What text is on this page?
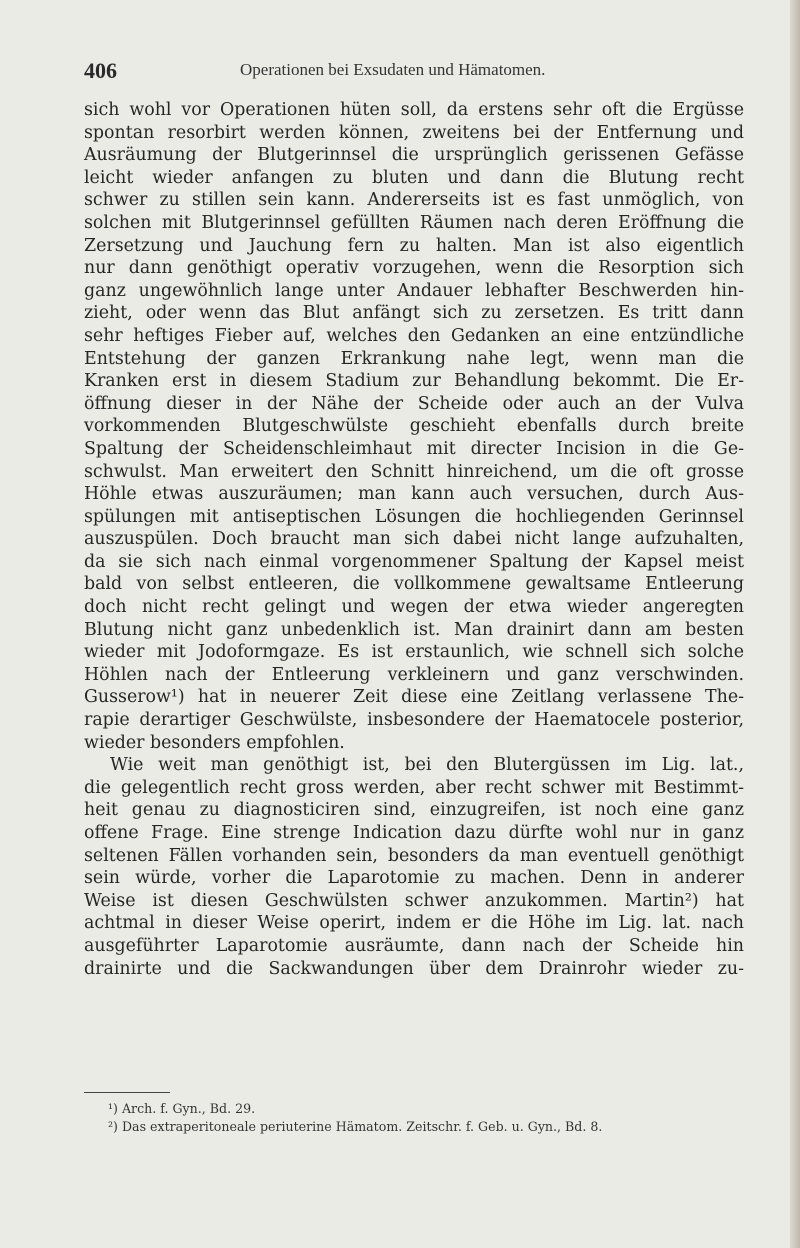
406	Operationen bei Exsudaten und Hämatomen.
sich wohl vor Operationen hüten soll, da erstens sehr oft die Ergüsse
spontan resorbirt werden können, zweitens bei der Entfernung und
Ausräumung der Blutgerinnsel die ursprünglich gerissenen Gefässe
leicht wieder anfangen zu bluten und dann die Blutung recht
schwer zu stillen sein kann. Andererseits ist es fast unmöglich, von
solchen mit Blutgerinnsel gefüllten Räumen nach deren Eröffnung die
Zersetzung und Jauchung fern zu halten. Man ist also eigentlich
nur dann genöthigt operativ vorzugehen, wenn die Resorption sich
ganz ungewöhnlich lange unter Andauer lebhafter Beschwerden hin-
zieht, oder wenn das Blut anfängt sich zu zersetzen. Es tritt dann
sehr heftiges Fieber auf, welches den Gedanken an eine entzündliche
Entstehung der ganzen Erkrankung nahe legt, wenn man die
Kranken erst in diesem Stadium zur Behandlung bekommt. Die Er-
öffnung dieser in der Nähe der Scheide oder auch an der Vulva
vorkommenden Blutgeschwülste geschieht ebenfalls durch breite
Spaltung der Scheidenschleimhaut mit directer Incision in die Ge-
schwulst. Man erweitert den Schnitt hinreichend, um die oft grosse
Höhle etwas auszuräumen; man kann auch versuchen, durch Aus-
spülungen mit antiseptischen Lösungen die hochliegenden Gerinnsel
auszuspülen. Doch braucht man sich dabei nicht lange aufzuhalten,
da sie sich nach einmal vorgenommener Spaltung der Kapsel meist
bald von selbst entleeren, die vollkommene gewaltsame Entleerung
doch nicht recht gelingt und wegen der etwa wieder angeregten
Blutung nicht ganz unbedenklich ist. Man drainirt dann am besten
wieder mit Jodoformgaze. Es ist erstaunlich, wie schnell sich solche
Höhlen nach der Entleerung verkleinern und ganz verschwinden.
Gusserow¹) hat in neuerer Zeit diese eine Zeitlang verlassene The-
rapie derartiger Geschwülste, insbesondere der Haematocele posterior,
wieder besonders empfohlen.
Wie weit man genöthigt ist, bei den Blutergüssen im Lig. lat.,
die gelegentlich recht gross werden, aber recht schwer mit Bestimmt-
heit genau zu diagnosticiren sind, einzugreifen, ist noch eine ganz
offene Frage. Eine strenge Indication dazu dürfte wohl nur in ganz
seltenen Fällen vorhanden sein, besonders da man eventuell genöthigt
sein würde, vorher die Laparotomie zu machen. Denn in anderer
Weise ist diesen Geschwülsten schwer anzukommen. Martin²) hat
achtmal in dieser Weise operirt, indem er die Höhe im Lig. lat. nach
ausgeführter Laparotomie ausräumte, dann nach der Scheide hin
drainirte und die Sackwandungen über dem Drainrohr wieder zu-
¹) Arch. f. Gyn., Bd. 29.
²) Das extraperitoneale periuterine Hämatom. Zeitschr. f. Geb. u. Gyn., Bd. 8.
